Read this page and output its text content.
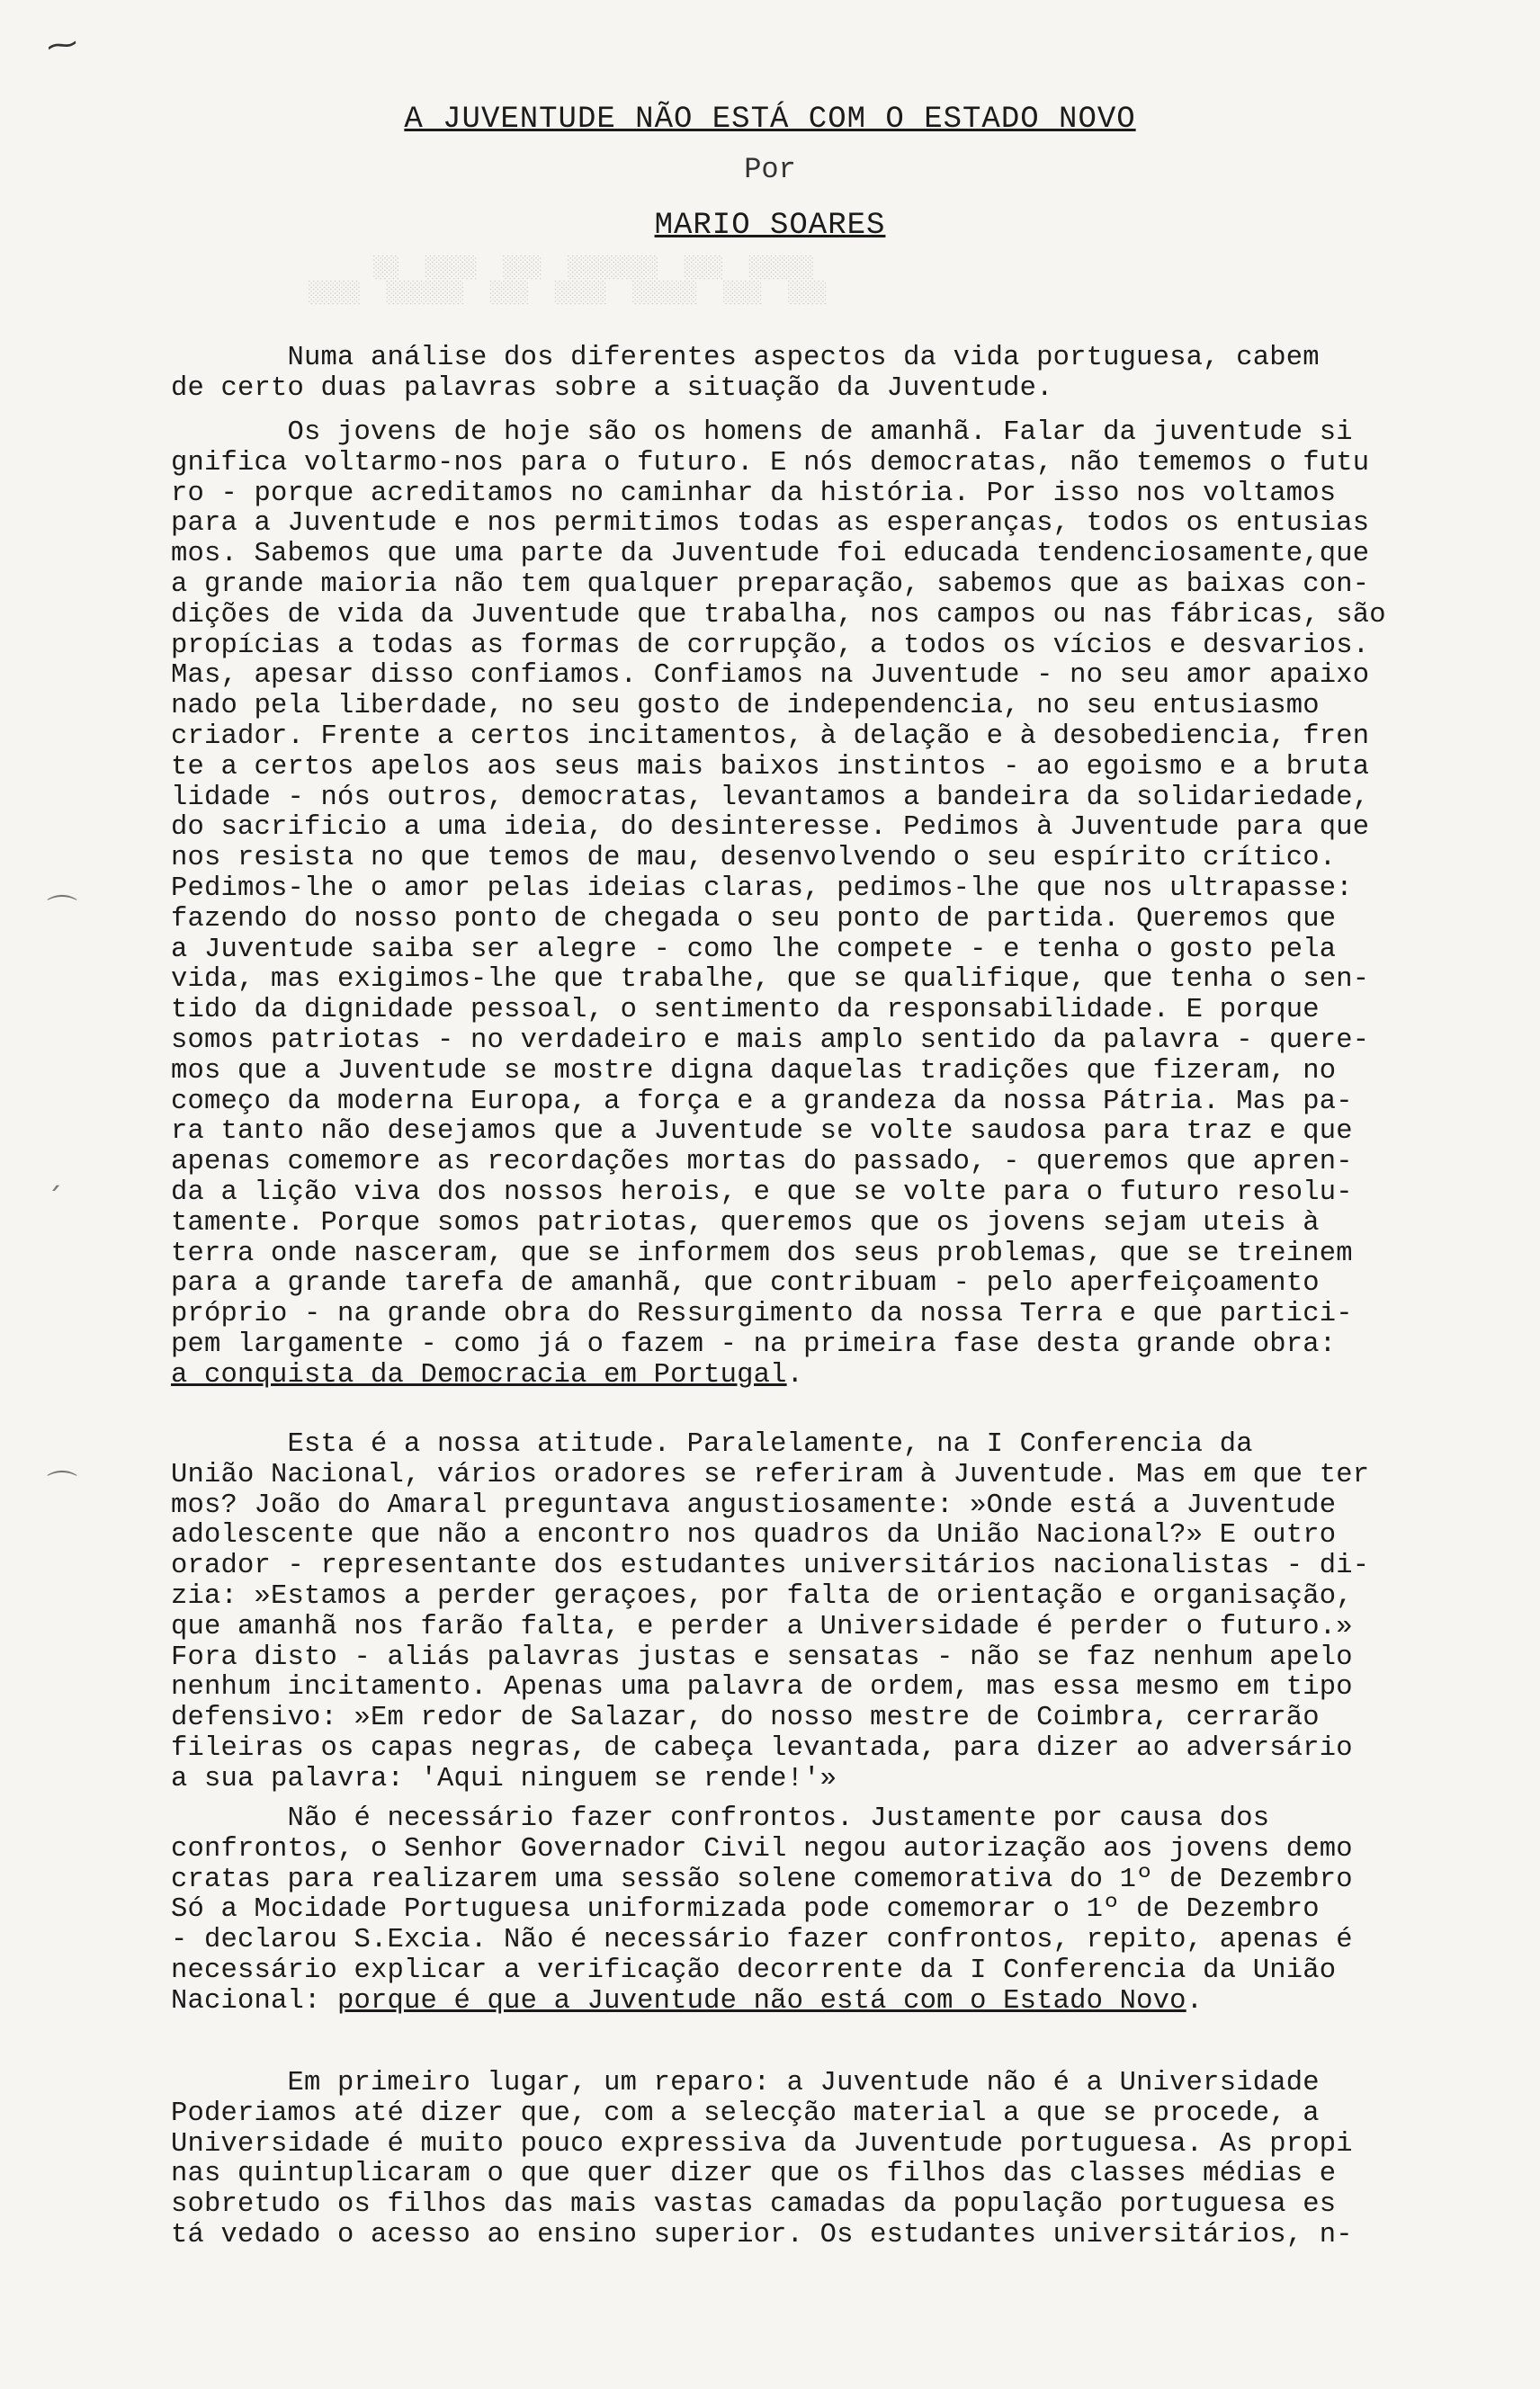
⁓
⌒
ˏ
⌒
░░  ░░░░  ░░░  ░░░░░░░  ░░░  ░░░░░
░░░░  ░░░░░░  ░░░  ░░░░  ░░░░░  ░░░  ░░░
A JUVENTUDE NÃO ESTÁ COM O ESTADO NOVO
Por
MARIO SOARES
Numa análise dos diferentes aspectos da vida portuguesa, cabem
de certo duas palavras sobre a situação da Juventude.
Os jovens de hoje são os homens de amanhã. Falar da juventude si
gnifica voltarmo-nos para o futuro. E nós democratas, não tememos o futu
ro - porque acreditamos no caminhar da história. Por isso nos voltamos
para a Juventude e nos permitimos todas as esperanças, todos os entusias
mos. Sabemos que uma parte da Juventude foi educada tendenciosamente,que
a grande maioria não tem qualquer preparação, sabemos que as baixas con-
dições de vida da Juventude que trabalha, nos campos ou nas fábricas, são
propícias a todas as formas de corrupção, a todos os vícios e desvarios.
Mas, apesar disso confiamos. Confiamos na Juventude - no seu amor apaixo
nado pela liberdade, no seu gosto de independencia, no seu entusiasmo
criador. Frente a certos incitamentos, à delação e à desobediencia, fren
te a certos apelos aos seus mais baixos instintos - ao egoismo e a bruta
lidade - nós outros, democratas, levantamos a bandeira da solidariedade,
do sacrificio a uma ideia, do desinteresse. Pedimos à Juventude para que
nos resista no que temos de mau, desenvolvendo o seu espírito crítico.
Pedimos-lhe o amor pelas ideias claras, pedimos-lhe que nos ultrapasse:
fazendo do nosso ponto de chegada o seu ponto de partida. Queremos que
a Juventude saiba ser alegre - como lhe compete - e tenha o gosto pela
vida, mas exigimos-lhe que trabalhe, que se qualifique, que tenha o sen-
tido da dignidade pessoal, o sentimento da responsabilidade. E porque
somos patriotas - no verdadeiro e mais amplo sentido da palavra - quere-
mos que a Juventude se mostre digna daquelas tradições que fizeram, no
começo da moderna Europa, a força e a grandeza da nossa Pátria. Mas pa-
ra tanto não desejamos que a Juventude se volte saudosa para traz e que
apenas comemore as recordações mortas do passado, - queremos que apren-
da a lição viva dos nossos herois, e que se volte para o futuro resolu-
tamente. Porque somos patriotas, queremos que os jovens sejam uteis à
terra onde nasceram, que se informem dos seus problemas, que se treinem
para a grande tarefa de amanhã, que contribuam - pelo aperfeiçoamento
próprio - na grande obra do Ressurgimento da nossa Terra e que partici-
pem largamente - como já o fazem - na primeira fase desta grande obra:
a conquista da Democracia em Portugal.
Esta é a nossa atitude. Paralelamente, na I Conferencia da
União Nacional, vários oradores se referiram à Juventude. Mas em que ter
mos? João do Amaral preguntava angustiosamente: »Onde está a Juventude
adolescente que não a encontro nos quadros da União Nacional?» E outro
orador - representante dos estudantes universitários nacionalistas - di-
zia: »Estamos a perder geraçoes, por falta de orientação e organisação,
que amanhã nos farão falta, e perder a Universidade é perder o futuro.»
Fora disto - aliás palavras justas e sensatas - não se faz nenhum apelo
nenhum incitamento. Apenas uma palavra de ordem, mas essa mesmo em tipo
defensivo: »Em redor de Salazar, do nosso mestre de Coimbra, cerrarão
fileiras os capas negras, de cabeça levantada, para dizer ao adversário
a sua palavra: 'Aqui ninguem se rende!'»
Não é necessário fazer confrontos. Justamente por causa dos
confrontos, o Senhor Governador Civil negou autorização aos jovens demo
cratas para realizarem uma sessão solene comemorativa do 1º de Dezembro
Só a Mocidade Portuguesa uniformizada pode comemorar o 1º de Dezembro
- declarou S.Excia. Não é necessário fazer confrontos, repito, apenas é
necessário explicar a verificação decorrente da I Conferencia da União
Nacional: porque é que a Juventude não está com o Estado Novo.
Em primeiro lugar, um reparo: a Juventude não é a Universidade
Poderiamos até dizer que, com a selecção material a que se procede, a
Universidade é muito pouco expressiva da Juventude portuguesa. As propi
nas quintuplicaram o que quer dizer que os filhos das classes médias e
sobretudo os filhos das mais vastas camadas da população portuguesa es
tá vedado o acesso ao ensino superior. Os estudantes universitários, n-
